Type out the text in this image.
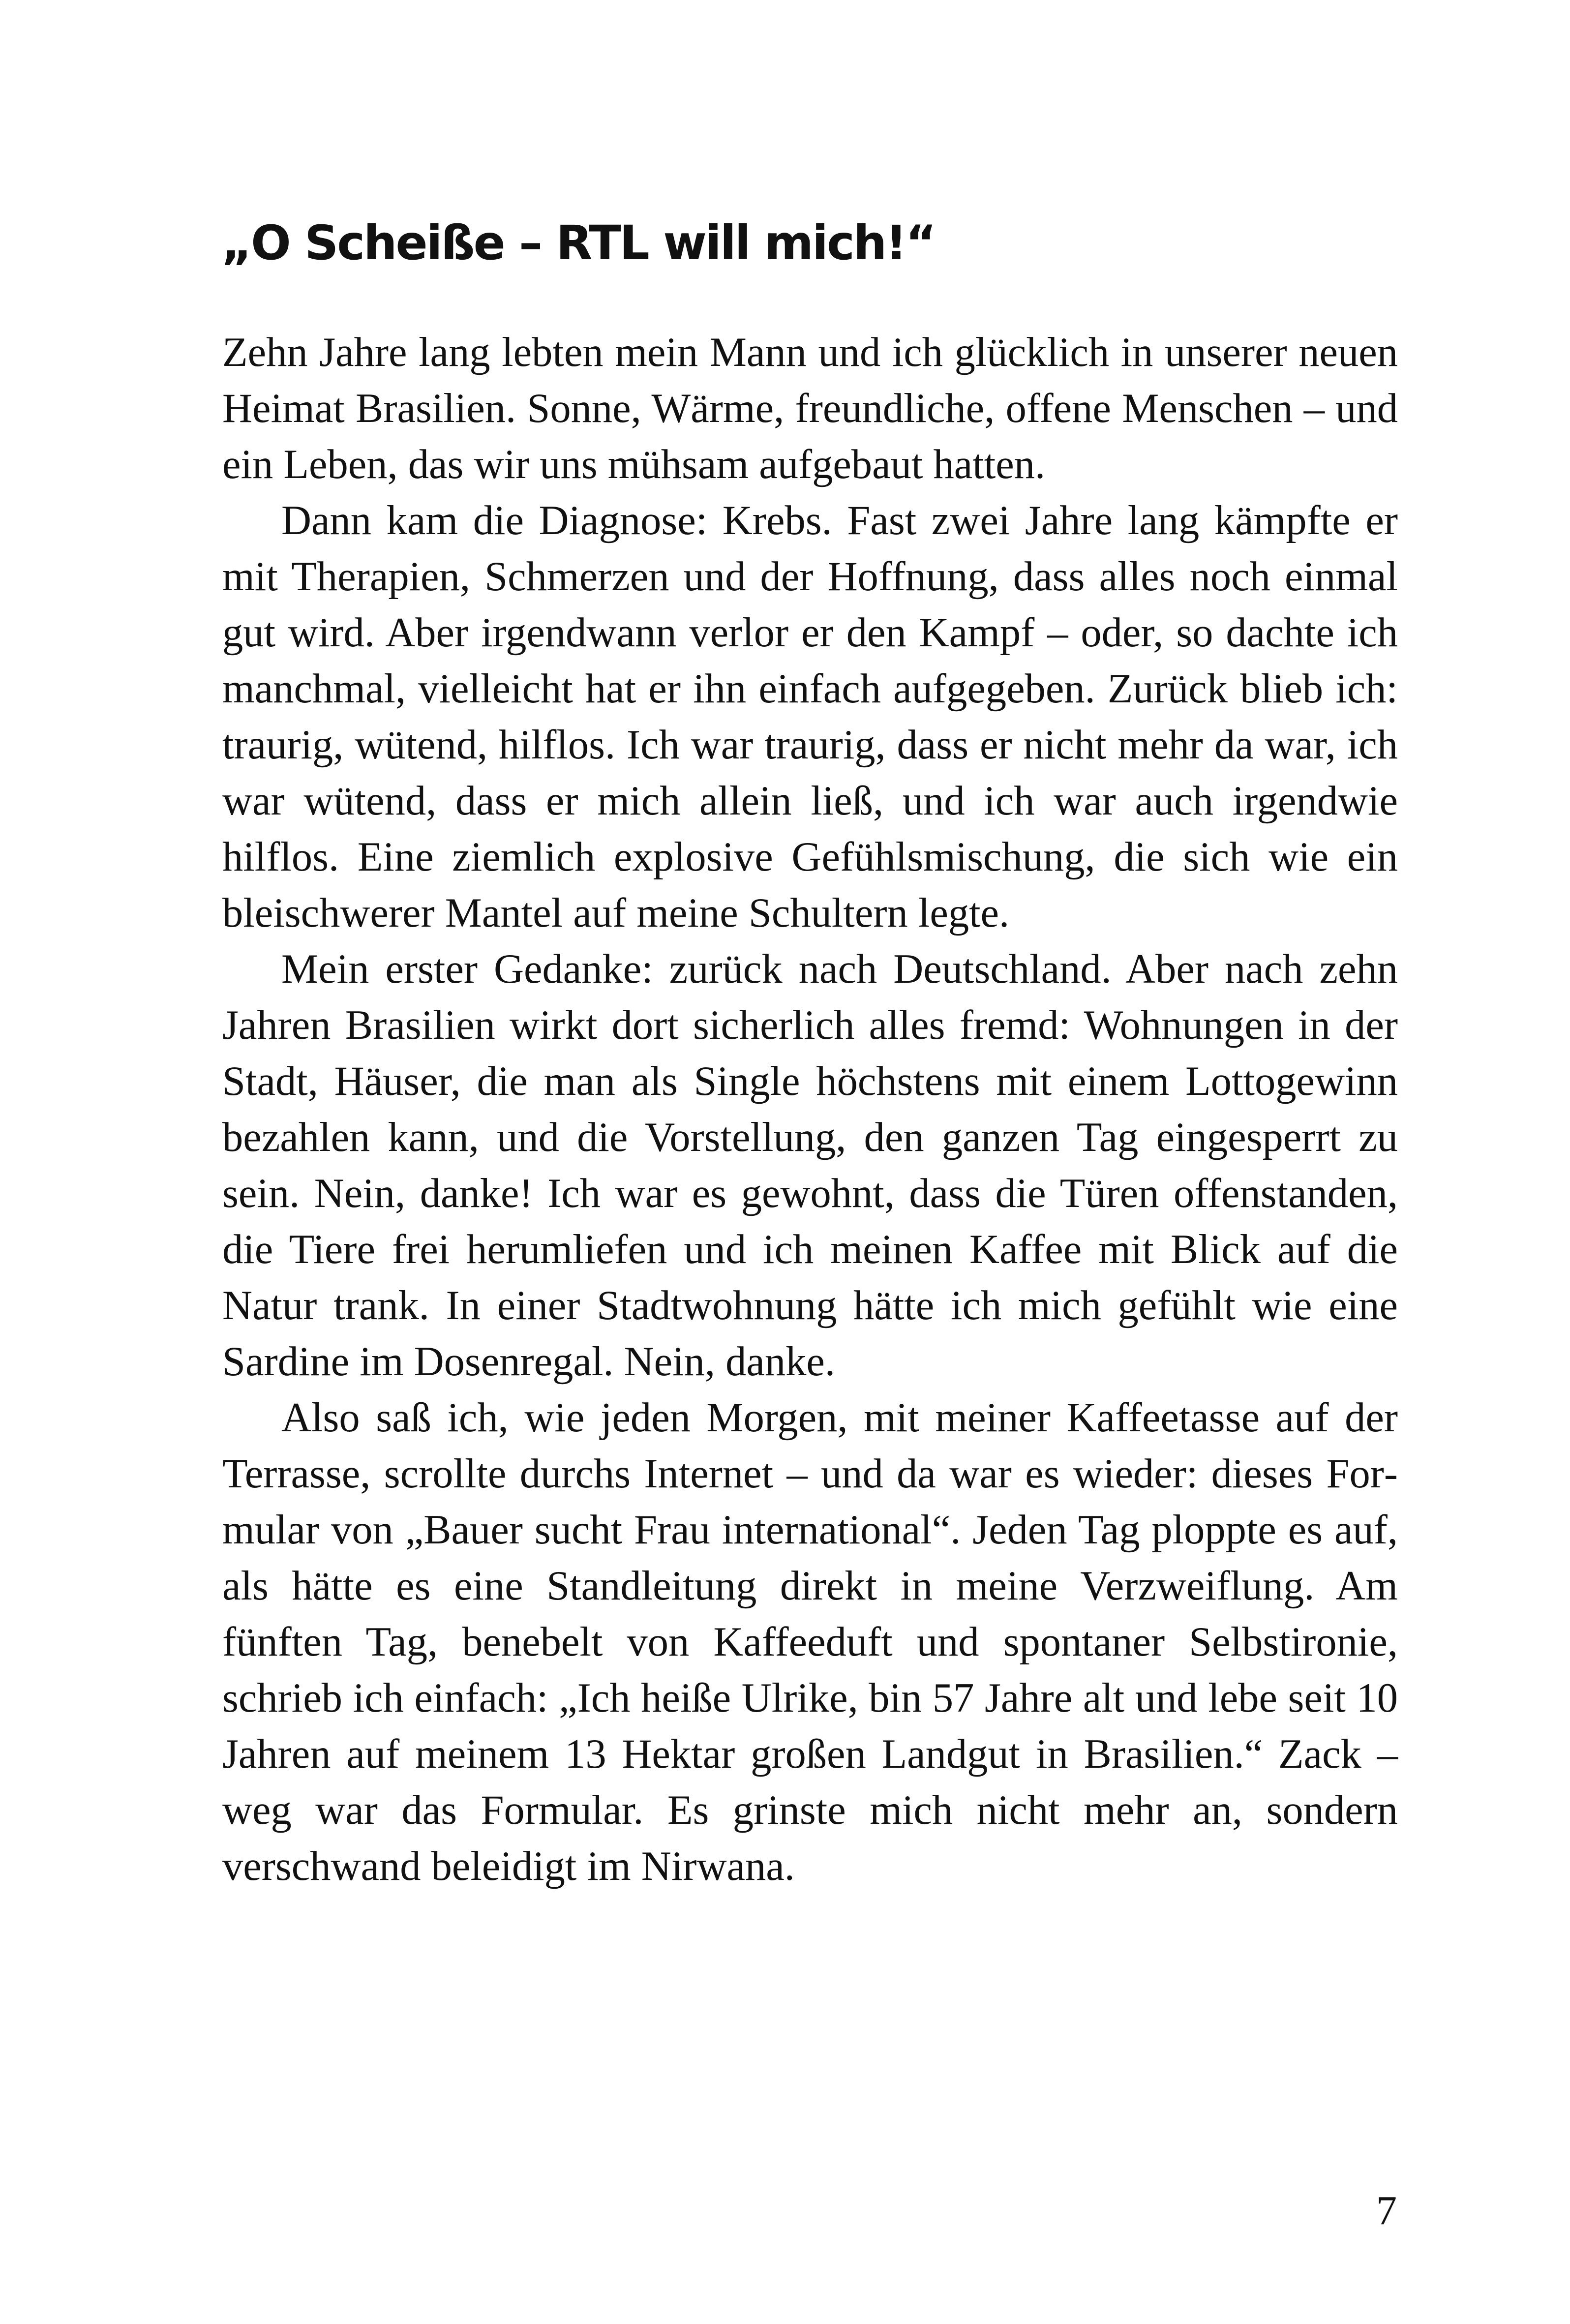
„O Scheiße – RTL will mich!“

Zehn Jahre lang lebten mein Mann und ich glücklich in unserer neuen Heimat Brasilien. Sonne, Wärme, freundliche, offene Menschen – und ein Leben, das wir uns mühsam aufgebaut hatten.

Dann kam die Diagnose: Krebs. Fast zwei Jahre lang kämpfte er mit Therapien, Schmerzen und der Hoffnung, dass alles noch einmal gut wird. Aber irgendwann verlor er den Kampf – oder, so dachte ich manchmal, vielleicht hat er ihn einfach aufgegeben. Zurück blieb ich: traurig, wütend, hilflos. Ich war traurig, dass er nicht mehr da war, ich war wütend, dass er mich allein ließ, und ich war auch irgendwie hilflos. Eine ziemlich explosive Gefühlsmischung, die sich wie ein bleischwerer Mantel auf meine Schultern legte.

Mein erster Gedanke: zurück nach Deutschland. Aber nach zehn Jahren Brasilien wirkt dort sicherlich alles fremd: Wohnungen in der Stadt, Häuser, die man als Single höchstens mit einem Lottogewinn bezahlen kann, und die Vorstellung, den ganzen Tag eingesperrt zu sein. Nein, danke! Ich war es gewohnt, dass die Türen offenstanden, die Tiere frei herumliefen und ich meinen Kaffee mit Blick auf die Natur trank. In einer Stadtwohnung hätte ich mich gefühlt wie eine Sardine im Dosenregal. Nein, danke.

Also saß ich, wie jeden Morgen, mit meiner Kaffeetasse auf der Terrasse, scrollte durchs Internet – und da war es wieder: dieses Formular von „Bauer sucht Frau international“. Jeden Tag ploppte es auf, als hätte es eine Standleitung direkt in meine Verzweiflung. Am fünften Tag, benebelt von Kaffeeduft und spontaner Selbstironie, schrieb ich einfach: „Ich heiße Ulrike, bin 57 Jahre alt und lebe seit 10 Jahren auf meinem 13 Hektar großen Landgut in Brasilien.“ Zack – weg war das Formular. Es grinste mich nicht mehr an, sondern verschwand beleidigt im Nirwana.

7
